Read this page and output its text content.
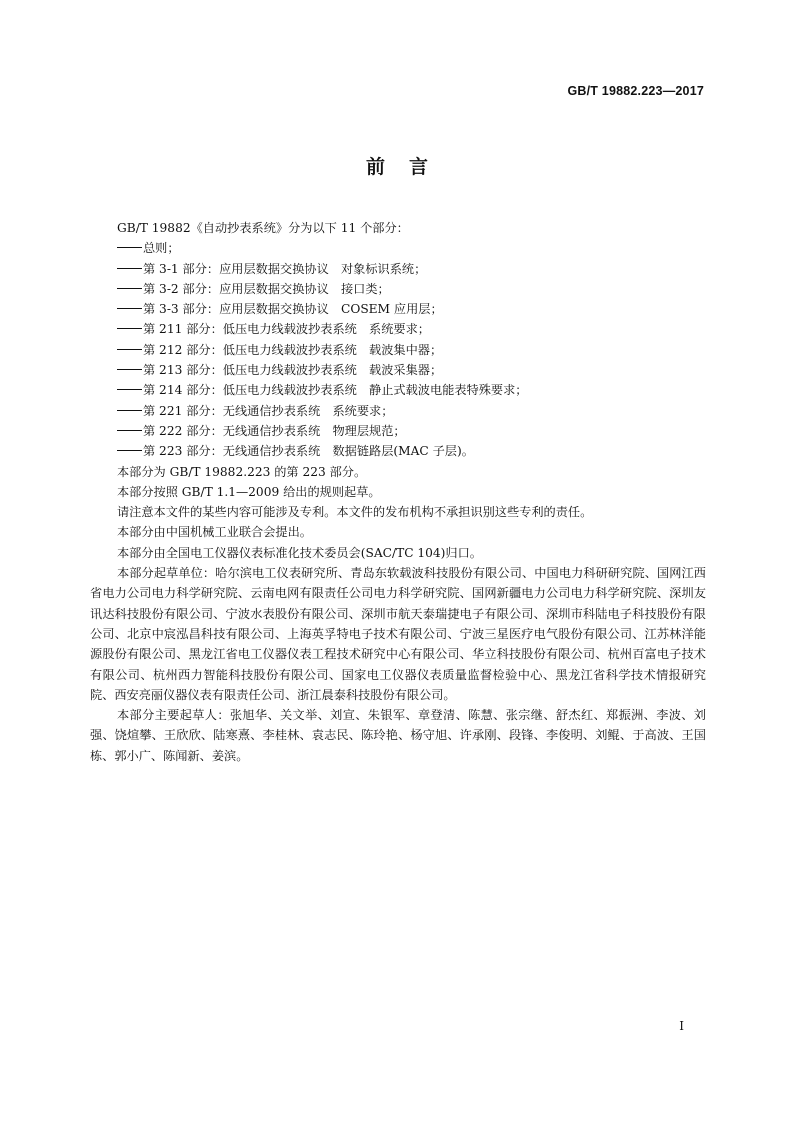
GB/T 19882.223—2017
前言

GB/T 19882《自动抄表系统》分为以下 11 个部分：

总则；

第 3-1 部分：应用层数据交换协议　对象标识系统；

第 3-2 部分：应用层数据交换协议　接口类；

第 3-3 部分：应用层数据交换协议　COSEM 应用层；

第 211 部分：低压电力线载波抄表系统　系统要求；

第 212 部分：低压电力线载波抄表系统　载波集中器；

第 213 部分：低压电力线载波抄表系统　载波采集器；

第 214 部分：低压电力线载波抄表系统　静止式载波电能表特殊要求；

第 221 部分：无线通信抄表系统　系统要求；

第 222 部分：无线通信抄表系统　物理层规范；

第 223 部分：无线通信抄表系统　数据链路层(MAC 子层)。

本部分为 GB/T 19882.223 的第 223 部分。

本部分按照 GB/T 1.1—2009 给出的规则起草。

请注意本文件的某些内容可能涉及专利。本文件的发布机构不承担识别这些专利的责任。

本部分由中国机械工业联合会提出。

本部分由全国电工仪器仪表标准化技术委员会(SAC/TC 104)归口。

本部分起草单位：哈尔滨电工仪表研究所、青岛东软载波科技股份有限公司、中国电力科研研究院、国网江西省电力公司电力科学研究院、云南电网有限责任公司电力科学研究院、国网新疆电力公司电力科学研究院、深圳友讯达科技股份有限公司、宁波水表股份有限公司、深圳市航天泰瑞捷电子有限公司、深圳市科陆电子科技股份有限公司、北京中宸泓昌科技有限公司、上海英孚特电子技术有限公司、宁波三星医疗电气股份有限公司、江苏林洋能源股份有限公司、黑龙江省电工仪器仪表工程技术研究中心有限公司、华立科技股份有限公司、杭州百富电子技术有限公司、杭州西力智能科技股份有限公司、国家电工仪器仪表质量监督检验中心、黑龙江省科学技术情报研究院、西安亮丽仪器仪表有限责任公司、浙江晨泰科技股份有限公司。

本部分主要起草人：张旭华、关文举、刘宣、朱银军、章登清、陈慧、张宗继、舒杰红、郑振洲、李波、刘强、饶煊攀、王欣欣、陆寒熹、李桂林、袁志民、陈玲艳、杨守旭、许承刚、段锋、李俊明、刘鲲、于高波、王国栋、郭小广、陈闻新、姜滨。

I
